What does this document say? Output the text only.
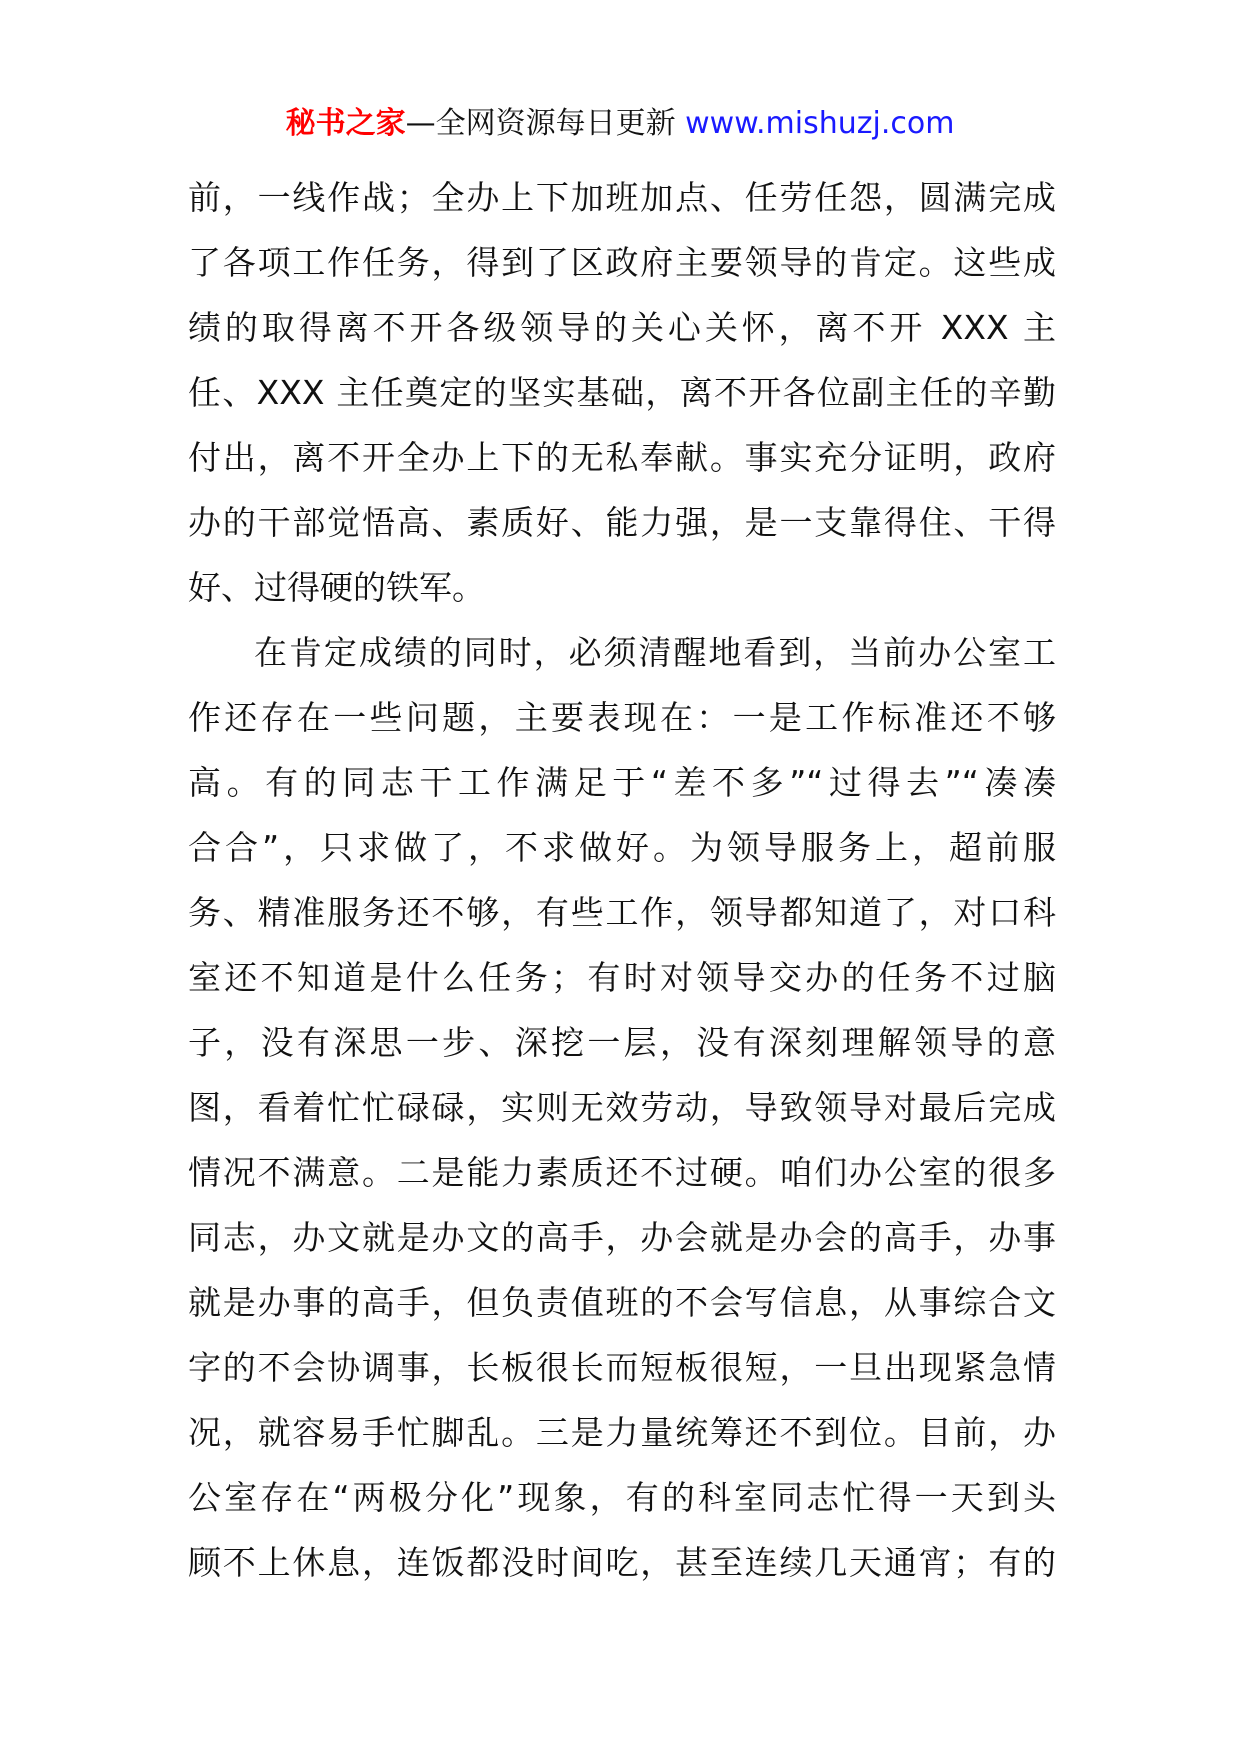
秘书之家—全网资源每日更新 www.mishuzj.com
前，一线作战；全办上下加班加点、任劳任怨，圆满完成
了各项工作任务，得到了区政府主要领导的肯定。这些成
绩的取得离不开各级领导的关心关怀，离不开 XXX 主
任、XXX 主任奠定的坚实基础，离不开各位副主任的辛勤
付出，离不开全办上下的无私奉献。事实充分证明，政府
办的干部觉悟高、素质好、能力强，是一支靠得住、干得
好、过得硬的铁军。
在肯定成绩的同时，必须清醒地看到，当前办公室工
作还存在一些问题，主要表现在：一是工作标准还不够
高。有的同志干工作满足于“差不多”“过得去”“凑凑
合合”，只求做了，不求做好。为领导服务上，超前服
务、精准服务还不够，有些工作，领导都知道了，对口科
室还不知道是什么任务；有时对领导交办的任务不过脑
子，没有深思一步、深挖一层，没有深刻理解领导的意
图，看着忙忙碌碌，实则无效劳动，导致领导对最后完成
情况不满意。二是能力素质还不过硬。咱们办公室的很多
同志，办文就是办文的高手，办会就是办会的高手，办事
就是办事的高手，但负责值班的不会写信息，从事综合文
字的不会协调事，长板很长而短板很短，一旦出现紧急情
况，就容易手忙脚乱。三是力量统筹还不到位。目前，办
公室存在“两极分化”现象，有的科室同志忙得一天到头
顾不上休息，连饭都没时间吃，甚至连续几天通宵；有的
